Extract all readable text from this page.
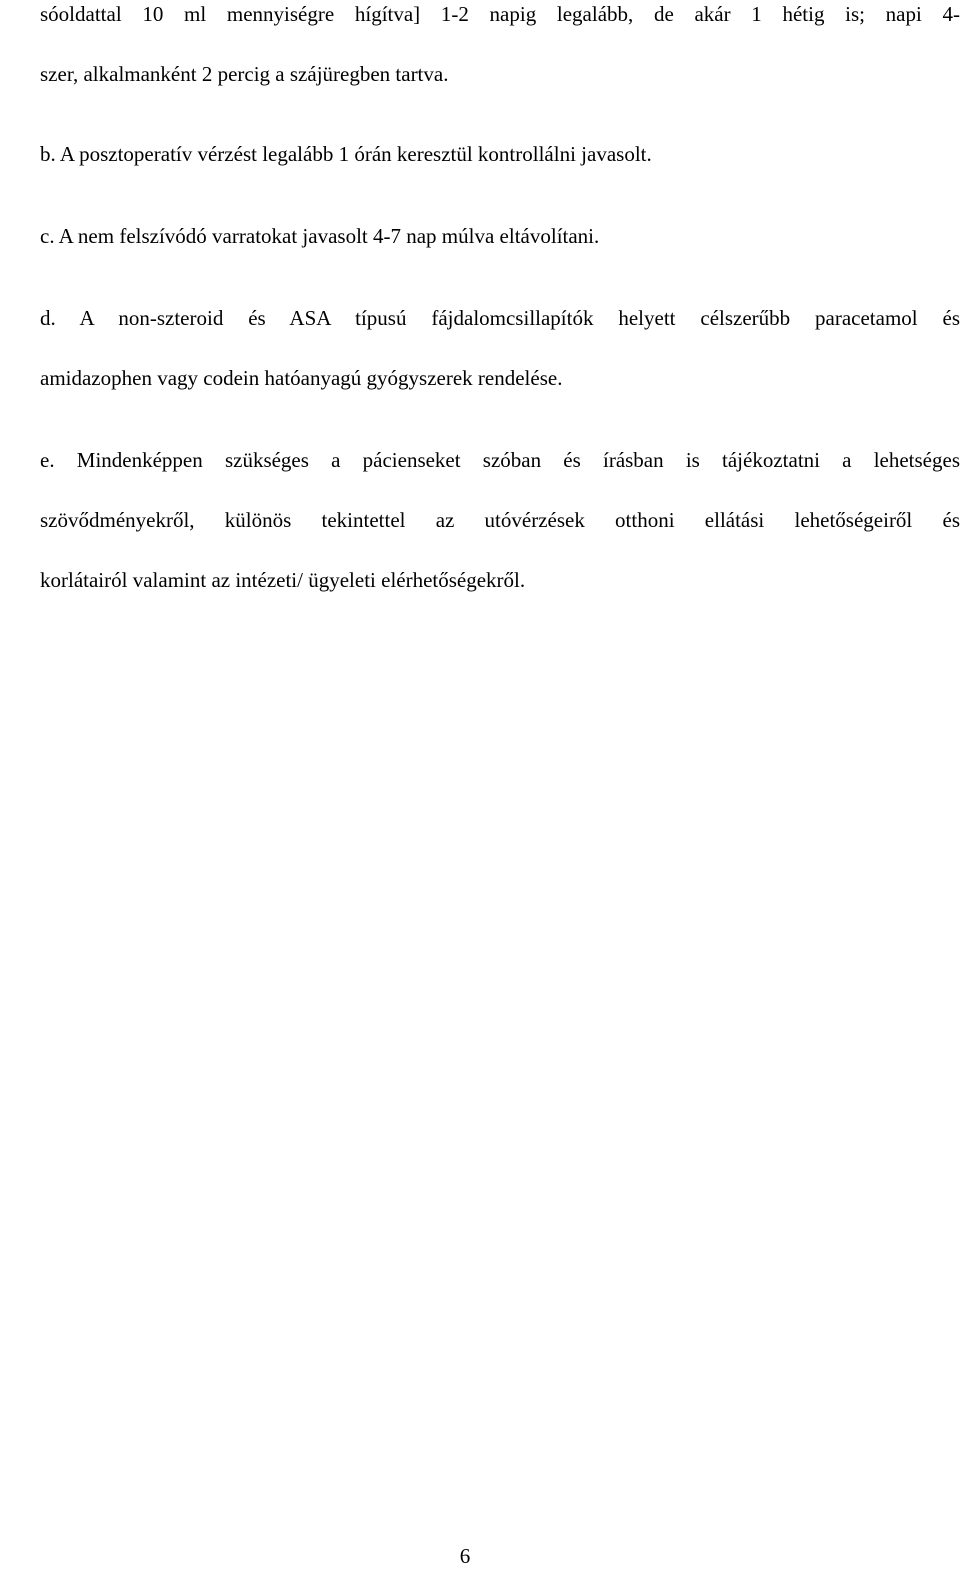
sóoldattal 10 ml mennyiségre hígítva] 1-2 napig legalább, de akár 1 hétig is; napi 4-
szer, alkalmanként 2 percig a szájüregben tartva.
b. A posztoperatív vérzést legalább 1 órán keresztül kontrollálni javasolt.
c. A nem felszívódó varratokat javasolt 4-7 nap múlva eltávolítani.
d. A non-szteroid és ASA típusú fájdalomcsillapítók helyett célszerűbb paracetamol és
amidazophen vagy codein hatóanyagú gyógyszerek rendelése.
e. Mindenképpen szükséges a pácienseket szóban és írásban is tájékoztatni a lehetséges
szövődményekről, különös tekintettel az utóvérzések otthoni ellátási lehetőségeiről és
korlátairól valamint az intézeti/ ügyeleti elérhetőségekről.
6
